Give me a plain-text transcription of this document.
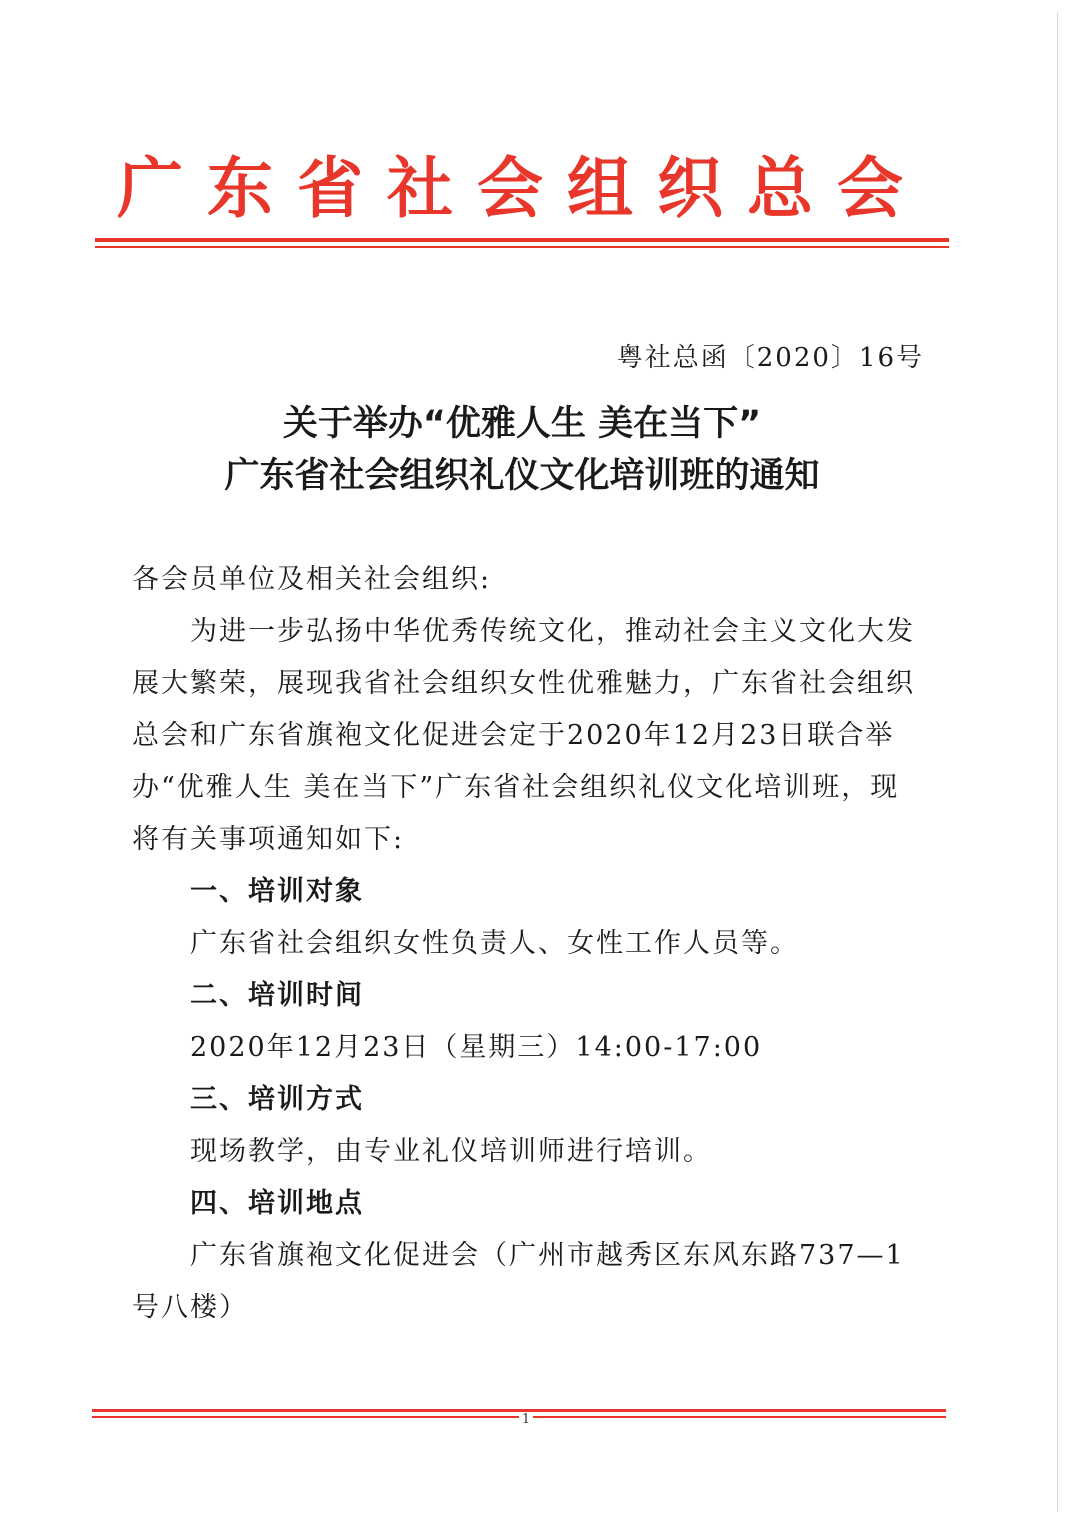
广东省社会组织总会
粤社总函〔2020〕16号
关于举办“优雅人生 美在当下”
广东省社会组织礼仪文化培训班的通知

各会员单位及相关社会组织:

为进一步弘扬中华优秀传统文化，推动社会主义文化大发展大繁荣，展现我省社会组织女性优雅魅力，广东省社会组织总会和广东省旗袍文化促进会定于2020年12月23日联合举办“优雅人生 美在当下”广东省社会组织礼仪文化培训班，现将有关事项通知如下:

一、培训对象

广东省社会组织女性负责人、女性工作人员等。

二、培训时间

2020年12月23日（星期三）14:00-17:00

三、培训方式

现场教学，由专业礼仪培训师进行培训。

四、培训地点

广东省旗袍文化促进会（广州市越秀区东风东路737—1号八楼）

1
